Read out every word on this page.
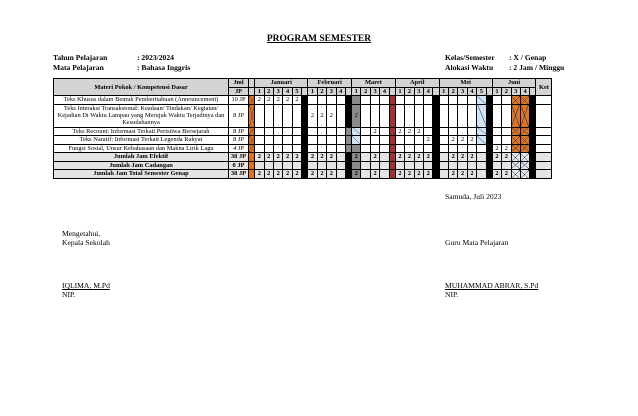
PROGRAM SEMESTER
Tahun Pelajaran	: 2023/2024
Mata Pelajaran	: Bahasa Inggris
Kelas/Semester : X / Genap
Alokasi Waktu : 2 Jam / Minggu
Materi Pokok / Kompetensi Dasar	Jml		Januari						Februari					Maret					April					Mei						Juni					Ket
	JP		1	2	3	4	5		1	2	3	4		1	2	3	4		1	2	3	4		1	2	3	4	5		1	2	3	4		
Teks Khusus dalam Bentuk Pemberitahuan (Announcement)	10 JP		2	2	2	2	2																												
Teks Interaksi Transaksional: Keadaan/ Tindakan/ Kegiatan/ Kejadian Di Waktu Lampau yang Merujuk Waktu Terjadinya dan Kesudahannya	8 JP								2	2	2			2																					
Teks Recount: Informasi Terkait Peristiwa Bersejarah	8 JP															2			2	2	2														
Teks Naratif: Informasi Terkait Legenda Rakyat	8 JP																					2			2	2	2								
Fungsi Sosial, Unsur Kebahasaan dan Makna Lirik Lagu	4 JP																													2	2				
Jumlah Jam Efektif	38 JP		2	2	2	2	2		2	2	2			2		2			2	2	2	2			2	2	2			2	2				
Jumlah Jam Cadangan	0 JP																																		
Jumlah Jam Total Semester Genap	38 JP		2	2	2	2	2		2	2	2			2		2			2	2	2	2			2	2	2			2	2				
Samuda, Juli 2023
Mengetahui,
Kepala Sekolah	Guru Mata Pelajaran
IQLIMA, M.Pd
NIP.
MUHAMMAD ABRAR, S.Pd
NIP.
